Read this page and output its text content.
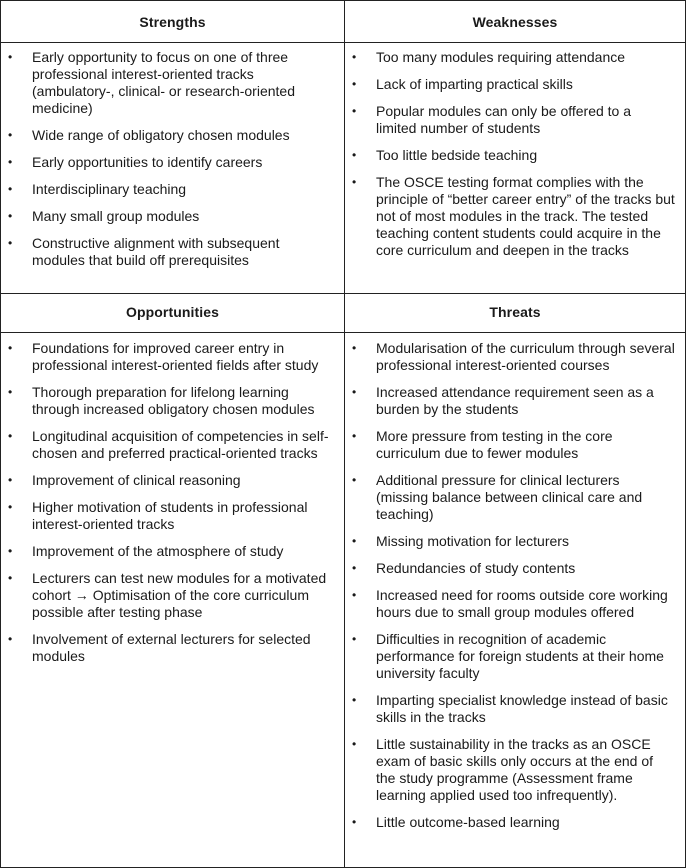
Strengths	Weaknesses
• Early opportunity to focus on one of three professional interest-oriented tracks (ambulatory-, clinical- or research-oriented medicine)
• Wide range of obligatory chosen modules
• Early opportunities to identify careers
• Interdisciplinary teaching
• Many small group modules
• Constructive alignment with subsequent modules that build off prerequisites
• Too many modules requiring attendance
• Lack of imparting practical skills
• Popular modules can only be offered to a limited number of students
• Too little bedside teaching
• The OSCE testing format complies with the principle of “better career entry” of the tracks but not of most modules in the track. The tested teaching content students could acquire in the core curriculum and deepen in the tracks
Opportunities	Threats
• Foundations for improved career entry in professional interest-oriented fields after study
• Thorough preparation for lifelong learning through increased obligatory chosen modules
• Longitudinal acquisition of competencies in self-chosen and preferred practical-oriented tracks
• Improvement of clinical reasoning
• Higher motivation of students in professional interest-oriented tracks
• Improvement of the atmosphere of study
• Lecturers can test new modules for a motivated cohort → Optimisation of the core curriculum possible after testing phase
• Involvement of external lecturers for selected modules
• Modularisation of the curriculum through several professional interest-oriented courses
• Increased attendance requirement seen as a burden by the students
• More pressure from testing in the core curriculum due to fewer modules
• Additional pressure for clinical lecturers (missing balance between clinical care and teaching)
• Missing motivation for lecturers
• Redundancies of study contents
• Increased need for rooms outside core working hours due to small group modules offered
• Difficulties in recognition of academic performance for foreign students at their home university faculty
• Imparting specialist knowledge instead of basic skills in the tracks
• Little sustainability in the tracks as an OSCE exam of basic skills only occurs at the end of the study programme (Assessment frame learning applied used too infrequently).
• Little outcome-based learning
